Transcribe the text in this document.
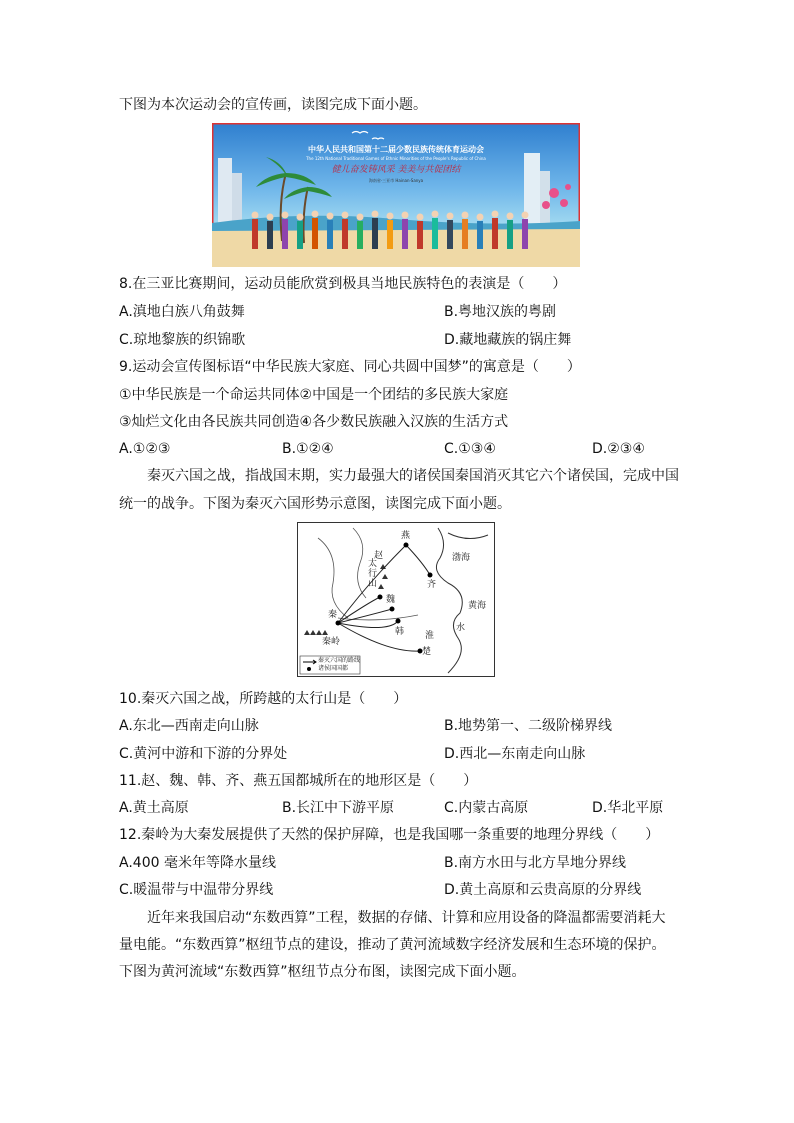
下图为本次运动会的宣传画，读图完成下面小题。
中华人民共和国第十二届少数民族传统体育运动会
The 12th National Traditional Games of Ethnic Minorities of the People's Republic of China
健儿奋发铸风采 美美与共促团结
海南省·三亚市 Hainan·Sanya
8.在三亚比赛期间，运动员能欣赏到极具当地民族特色的表演是（　　）
A.滇地白族八角鼓舞	B.粤地汉族的粤剧
C.琼地黎族的织锦歌	D.藏地藏族的锅庄舞
9.运动会宣传图标语“中华民族大家庭、同心共圆中国梦”的寓意是（　　）
①中华民族是一个命运共同体②中国是一个团结的多民族大家庭
③灿烂文化由各民族共同创造④各少数民族融入汉族的生活方式
A.①②③	B.①②④	C.①③④	D.②③④
秦灭六国之战，指战国末期，实力最强大的诸侯国秦国消灭其它六个诸侯国，完成中国
统一的战争。下图为秦灭六国形势示意图，读图完成下面小题。
燕
赵
齐
秦
魏
韩
楚
渤海
黄海
太行山
秦岭
淮
水
秦灭六国的路线
诸侯国国都
10.秦灭六国之战，所跨越的太行山是（　　）
A.东北—西南走向山脉	B.地势第一、二级阶梯界线
C.黄河中游和下游的分界处	D.西北—东南走向山脉
11.赵、魏、韩、齐、燕五国都城所在的地形区是（　　）
A.黄土高原	B.长江中下游平原	C.内蒙古高原	D.华北平原
12.秦岭为大秦发展提供了天然的保护屏障，也是我国哪一条重要的地理分界线（　　）
A.400 毫米年等降水量线	B.南方水田与北方旱地分界线
C.暖温带与中温带分界线	D.黄土高原和云贵高原的分界线
近年来我国启动“东数西算”工程，数据的存储、计算和应用设备的降温都需要消耗大
量电能。“东数西算”枢纽节点的建设，推动了黄河流域数字经济发展和生态环境的保护。
下图为黄河流域“东数西算”枢纽节点分布图，读图完成下面小题。
